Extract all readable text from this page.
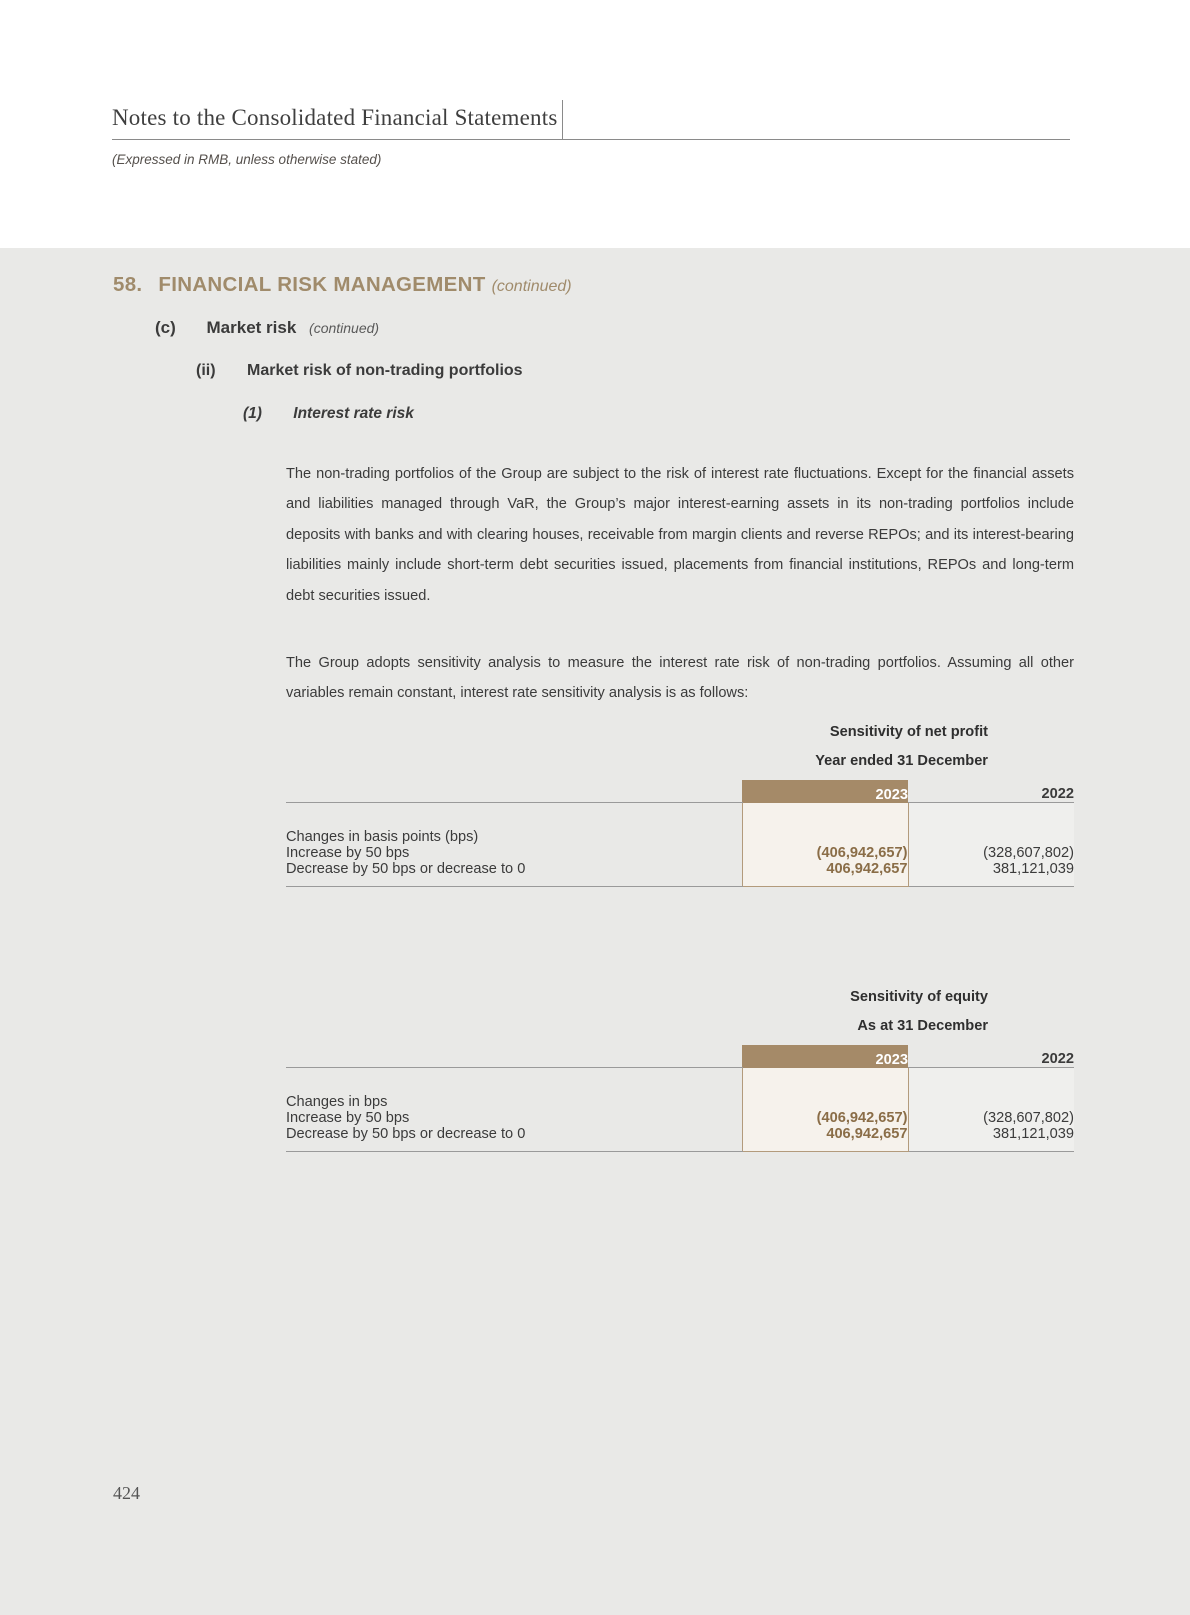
Notes to the Consolidated Financial Statements
(Expressed in RMB, unless otherwise stated)
58. FINANCIAL RISK MANAGEMENT (continued)
(c) Market risk (continued)
(ii) Market risk of non-trading portfolios
(1) Interest rate risk

The non-trading portfolios of the Group are subject to the risk of interest rate fluctuations. Except for the financial assets and liabilities managed through VaR, the Group’s major interest-earning assets in its non-trading portfolios include deposits with banks and with clearing houses, receivable from margin clients and reverse REPOs; and its interest-bearing liabilities mainly include short-term debt securities issued, placements from financial institutions, REPOs and long-term debt securities issued.

The Group adopts sensitivity analysis to measure the interest rate risk of non-trading portfolios. Assuming all other variables remain constant, interest rate sensitivity analysis is as follows:

Sensitivity of net profit
Year ended 31 December
	2023	2022

Changes in basis points (bps)		
Increase by 50 bps	(406,942,657)	(328,607,802)
Decrease by 50 bps or decrease to 0	406,942,657	381,121,039
Sensitivity of equity
As at 31 December
	2023	2022

Changes in bps		
Increase by 50 bps	(406,942,657)	(328,607,802)
Decrease by 50 bps or decrease to 0	406,942,657	381,121,039
424
